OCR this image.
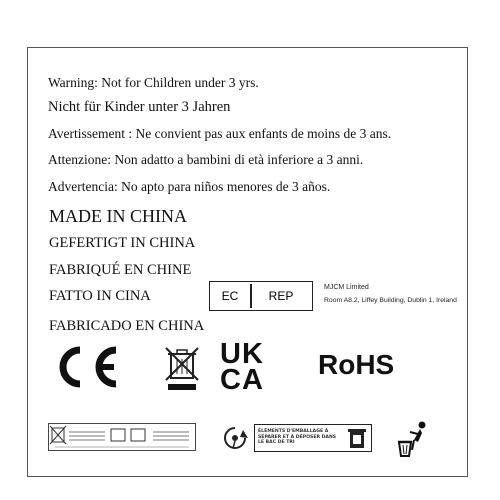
Warning: Not for Children under 3 yrs.
Nicht für Kinder unter 3 Jahren
Avertissement : Ne convient pas aux enfants de moins de 3 ans.
Attenzione: Non adatto a bambini di età inferiore a 3 anni.
Advertencia: No apto para niños menores de 3 años.
MADE IN CHINA
GEFERTIGT IN CHINA
FABRIQUÉ EN CHINE
FATTO IN CINA
FABRICADO EN CHINA
EC	REP
MJCM Limited
Room A8.2, Liffey Building, Dublin 1, Ireland
UK
CA RoHS
ÉLÉMENTS D'EMBALLAGE À SÉPARER ET À DÉPOSER DANS LE BAC DE TRI
